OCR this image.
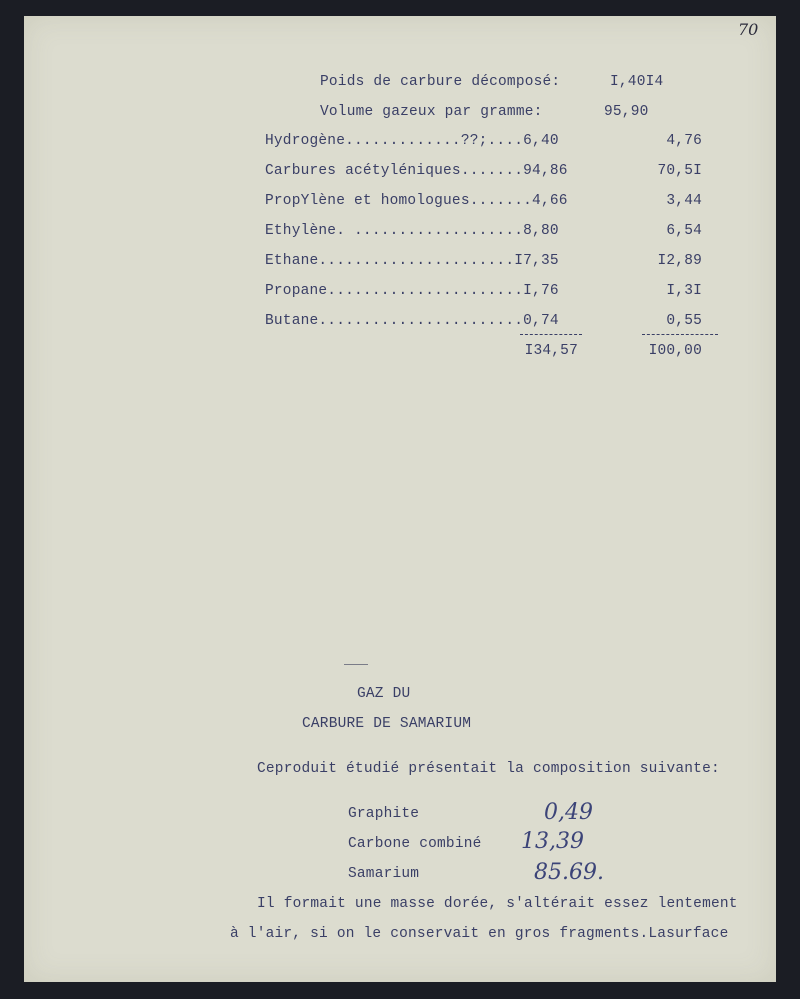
70
Poids de carbure décomposé:	I,40I4
Volume gazeux par gramme:	95,90
Hydrogène.............??;....6,40	4,76
Carbures acétyléniques.......94,86	70,5I
PropYlène et homologues.......4,66	3,44
Ethylène. ...................8,80	6,54
Ethane......................I7,35	I2,89
Propane......................I,76	I,3I
Butane.......................0,74	0,55
I34,57	I00,00
GAZ DU
CARBURE DE SAMARIUM
Ceproduit étudié présentait la composition suivante:
Graphite	0,49
Carbone combiné 13,39
Samarium	85.69.
Il formait une masse dorée, s'altérait essez lentement
à l'air, si on le conservait en gros fragments.Lasurface
